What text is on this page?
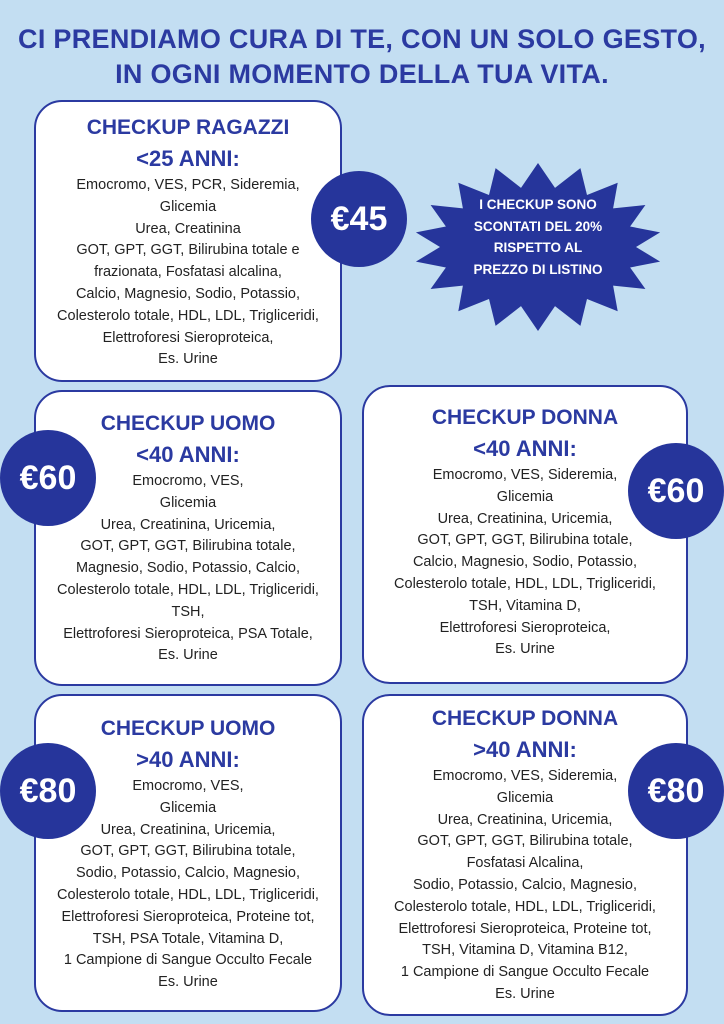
CI PRENDIAMO CURA DI TE, CON UN SOLO GESTO,
IN OGNI MOMENTO DELLA TUA VITA.
CHECKUP RAGAZZI
<25 ANNI:
Emocromo, VES, PCR, Sideremia,
Glicemia
Urea, Creatinina
GOT, GPT, GGT, Bilirubina totale e
frazionata, Fosfatasi alcalina,
Calcio, Magnesio, Sodio, Potassio,
Colesterolo totale, HDL, LDL, Trigliceridi,
Elettroforesi Sieroproteica,
Es. Urine
CHECKUP UOMO
<40 ANNI:
Emocromo, VES,
Glicemia
Urea, Creatinina, Uricemia,
GOT, GPT, GGT, Bilirubina totale,
Magnesio, Sodio, Potassio, Calcio,
Colesterolo totale, HDL, LDL, Trigliceridi,
TSH,
Elettroforesi Sieroproteica, PSA Totale,
Es. Urine
CHECKUP DONNA
<40 ANNI:
Emocromo, VES, Sideremia,
Glicemia
Urea, Creatinina, Uricemia,
GOT, GPT, GGT, Bilirubina totale,
Calcio, Magnesio, Sodio, Potassio,
Colesterolo totale, HDL, LDL, Trigliceridi,
TSH, Vitamina D,
Elettroforesi Sieroproteica,
Es. Urine
CHECKUP UOMO
>40 ANNI:
Emocromo, VES,
Glicemia
Urea, Creatinina, Uricemia,
GOT, GPT, GGT, Bilirubina totale,
Sodio, Potassio, Calcio, Magnesio,
Colesterolo totale, HDL, LDL, Trigliceridi,
Elettroforesi Sieroproteica, Proteine tot,
TSH, PSA Totale, Vitamina D,
1 Campione di Sangue Occulto Fecale
Es. Urine
CHECKUP DONNA
>40 ANNI:
Emocromo, VES, Sideremia,
Glicemia
Urea, Creatinina, Uricemia,
GOT, GPT, GGT, Bilirubina totale,
Fosfatasi Alcalina,
Sodio, Potassio, Calcio, Magnesio,
Colesterolo totale, HDL, LDL, Trigliceridi,
Elettroforesi Sieroproteica, Proteine tot,
TSH, Vitamina D, Vitamina B12,
1 Campione di Sangue Occulto Fecale
Es. Urine
€45
€60	€60
€80	€80
I CHECKUP SONO
SCONTATI DEL 20%
RISPETTO AL
PREZZO DI LISTINO
